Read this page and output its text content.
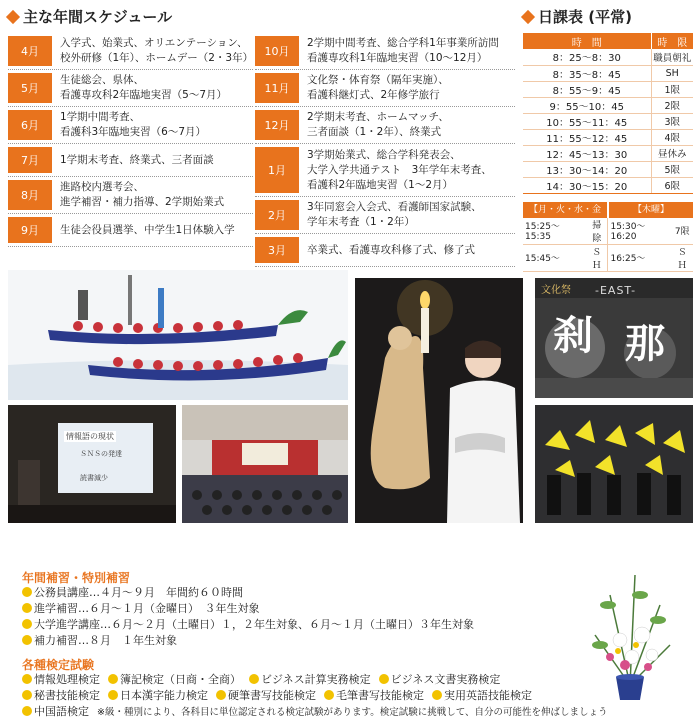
主な年間スケジュール	日課表 (平常)
4月
入学式、始業式、オリエンテーション、
校外研修（1年）、ホームデー（2・3年）
5月
生徒総会、県体、
看護専攻科2年臨地実習（5〜7月）
6月
1学期中間考査、
看護科3年臨地実習（6〜7月）
7月	1学期末考査、終業式、三者面談
8月
進路校内選考会、
進学補習・補力指導、2学期始業式
9月	生徒会役員選挙、中学生1日体験入学
10月
2学期中間考査、総合学科1年事業所訪問
看護専攻科1年臨地実習（10〜12月）
11月
文化祭・体育祭（隔年実施）、
看護科継灯式、2年修学旅行
12月
2学期末考査、ホームマッチ、
三者面談（1・2年）、終業式
1月
3学期始業式、総合学科発表会、
大学入学共通テスト　3年学年末考査、
看護科2年臨地実習（1〜2月）
2月
3年同窓会入会式、看護師国家試験、
学年末考査（1・2年）
3月	卒業式、看護専攻科修了式、修了式
時　間	時　限
8：25〜8：30	職員朝礼
8：35〜8：45	SH
8：55〜9：45	1限
9：55〜10：45	2限
10：55〜11：45	3限
11：55〜12：45	4限
12：45〜13：30	昼休み
13：30〜14：20	5限
14：30〜15：20	6限
【月・火・水・金曜】
【木曜】
15:25〜15:35	掃除	15:30〜16:20	7限
15:45〜	ＳＨ	16:25〜	ＳＨ
文化祭 -EAST-
刹 那
情報語の現状
ＳＮＳの発達
読書減少
年間補習・特別補習
公務員講座…４月〜９月　年間約６０時間
進学補習…６月〜１月（金曜日）　３年生対象
大学進学講座…６月〜２月（土曜日）１，２年生対象、６月〜１月（土曜日）３年生対象
補力補習…８月　１年生対象
各種検定試験
情報処理検定 簿記検定（日商・全商） ビジネス計算実務検定 ビジネス文書実務検定
秘書技能検定 日本漢字能力検定 硬筆書写技能検定 毛筆書写技能検定 実用英語技能検定
中国語検定 ※級・種別により、各科目に単位認定される検定試験があります。検定試験に挑戦して、自分の可能性を伸ばしましょう
